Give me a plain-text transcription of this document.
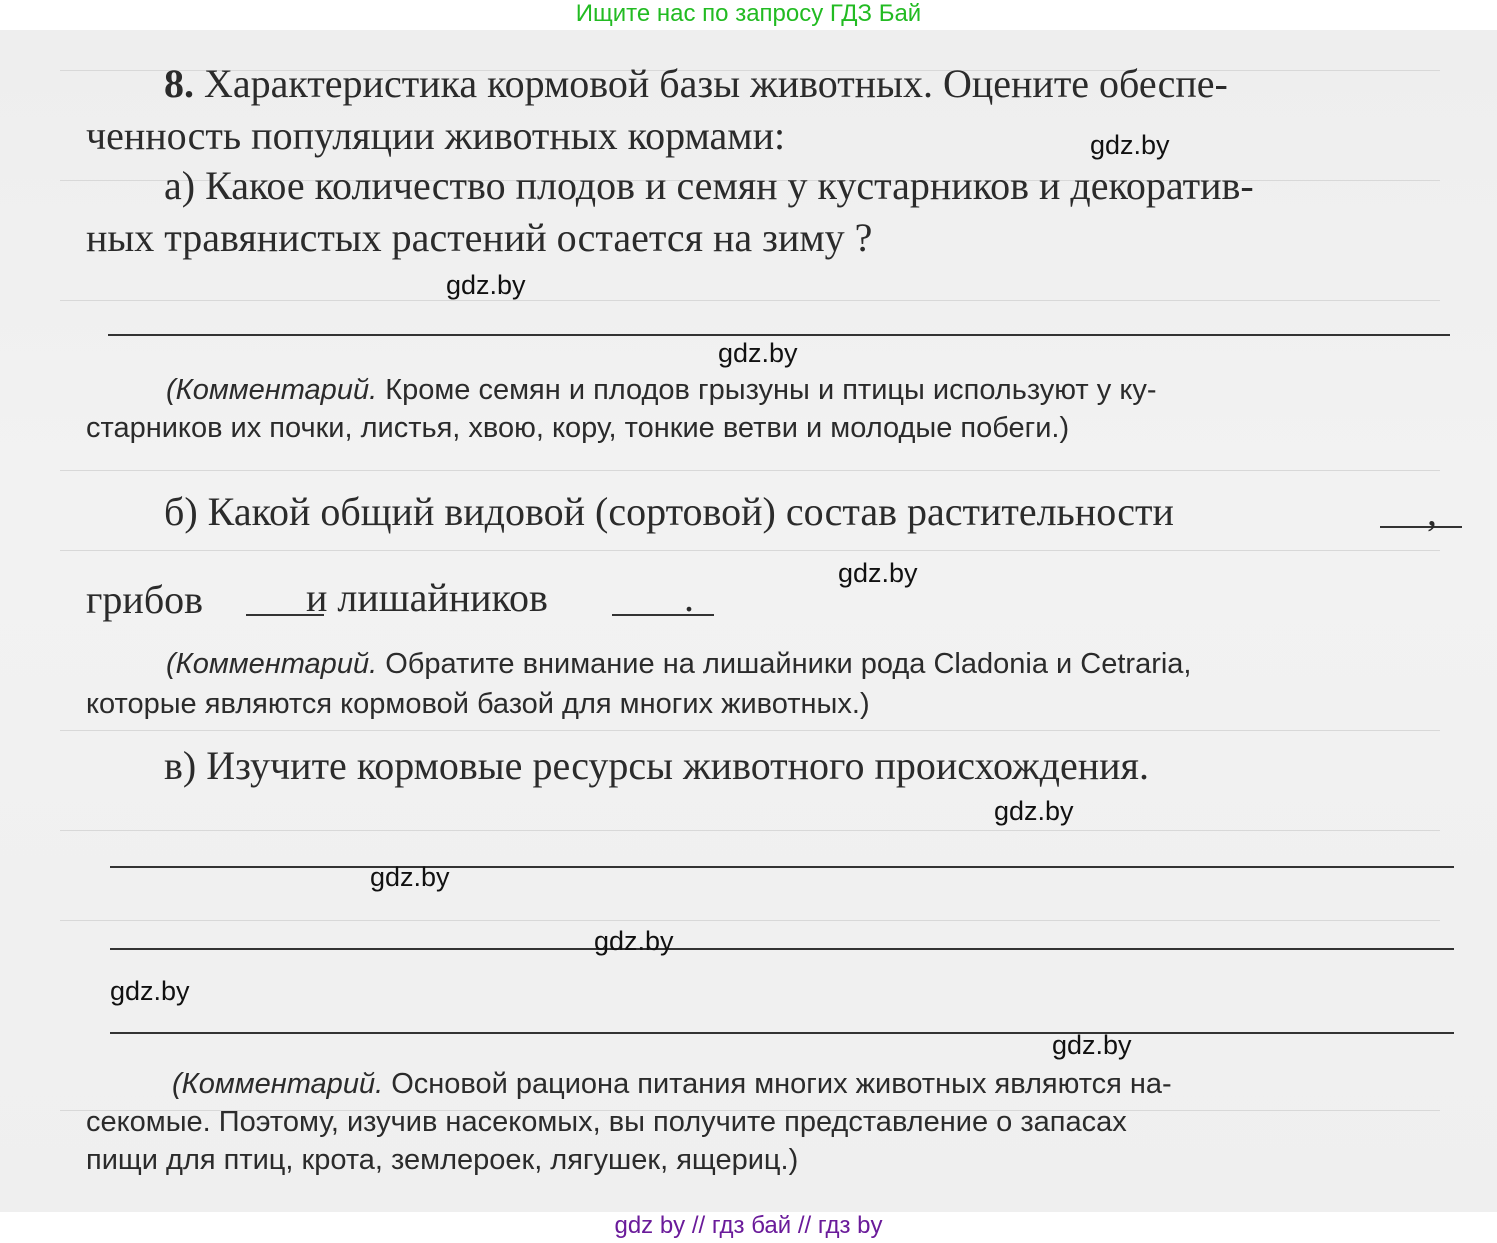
Ищите нас по запросу ГДЗ Бай
8. Характеристика кормовой базы животных. Оцените обеспе-
ченность популяции животных кормами:
а) Какое количество плодов и семян у кустарников и декоратив-
ных травянистых растений остается на зиму ?
(Комментарий. Кроме семян и плодов грызуны и птицы используют у ку-
старников их почки, листья, хвою, кору, тонкие ветви и молодые побеги.)
б) Какой общий видовой (сортовой) состав растительности	,
грибов	и лишайников	.
(Комментарий. Обратите внимание на лишайники рода Cladonia и Cetraria,
которые являются кормовой базой для многих животных.)
в) Изучите кормовые ресурсы животного происхождения.
(Комментарий. Основой рациона питания многих животных являются на-
секомые. Поэтому, изучив насекомых, вы получите представление о запасах
пищи для птиц, крота, землероек, лягушек, ящериц.)
gdz.by
gdz.by
gdz.by
gdz.by
gdz.by
gdz.by
gdz.by
gdz.by
gdz.by
gdz by // гдз бай // гдз by
